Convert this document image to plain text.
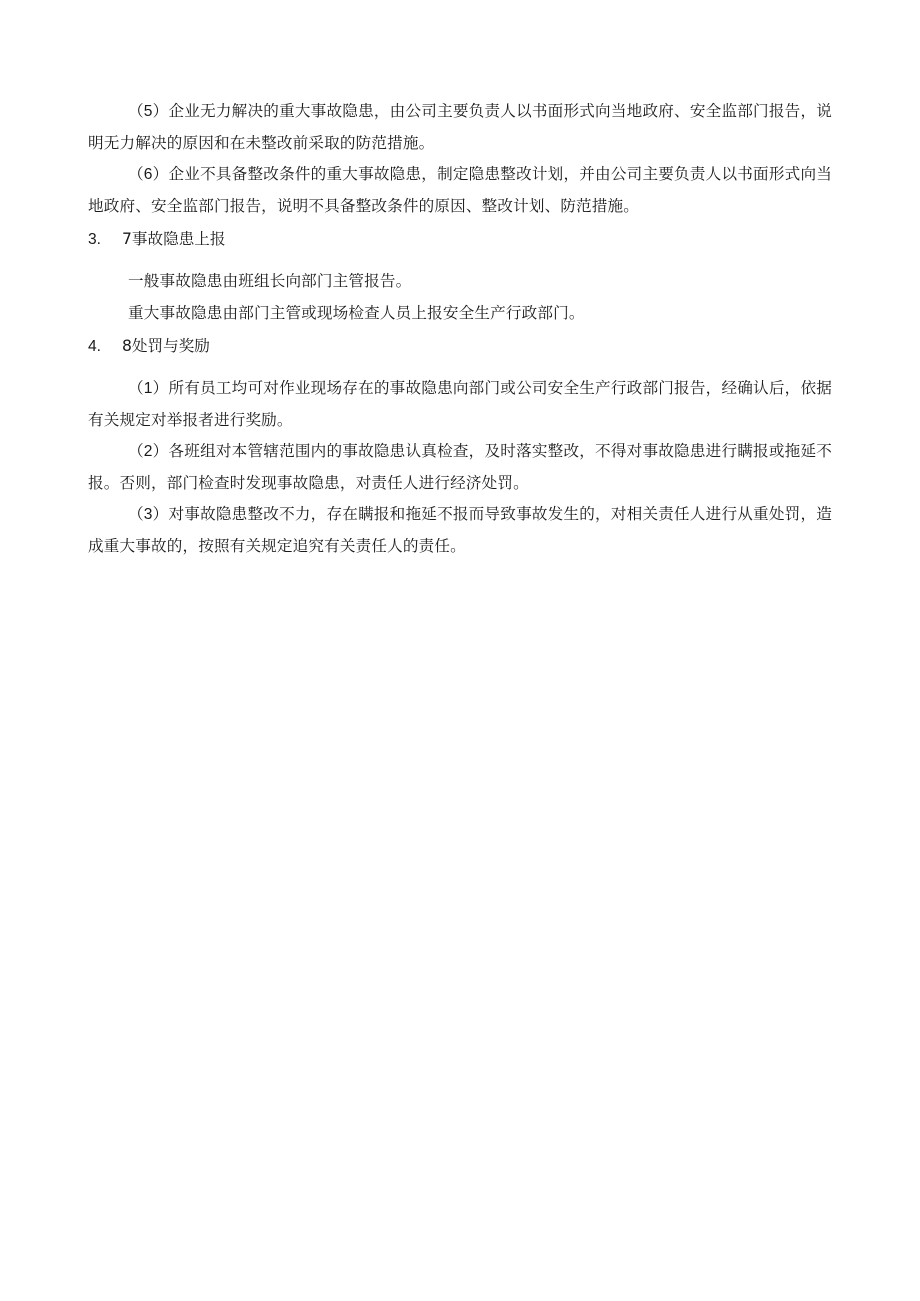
（5）企业无力解决的重大事故隐患，由公司主要负责人以书面形式向当地政府、安全监部门报告，说明无力解决的原因和在未整改前采取的防范措施。

（6）企业不具备整改条件的重大事故隐患，制定隐患整改计划，并由公司主要负责人以书面形式向当地政府、安全监部门报告，说明不具备整改条件的原因、整改计划、防范措施。

3. 7事故隐患上报

一般事故隐患由班组长向部门主管报告。

重大事故隐患由部门主管或现场检查人员上报安全生产行政部门。

4. 8处罚与奖励

（1）所有员工均可对作业现场存在的事故隐患向部门或公司安全生产行政部门报告，经确认后，依据有关规定对举报者进行奖励。

（2）各班组对本管辖范围内的事故隐患认真检查，及时落实整改，不得对事故隐患进行瞒报或拖延不报。否则，部门检查时发现事故隐患，对责任人进行经济处罚。

（3）对事故隐患整改不力，存在瞒报和拖延不报而导致事故发生的，对相关责任人进行从重处罚，造成重大事故的，按照有关规定追究有关责任人的责任。
